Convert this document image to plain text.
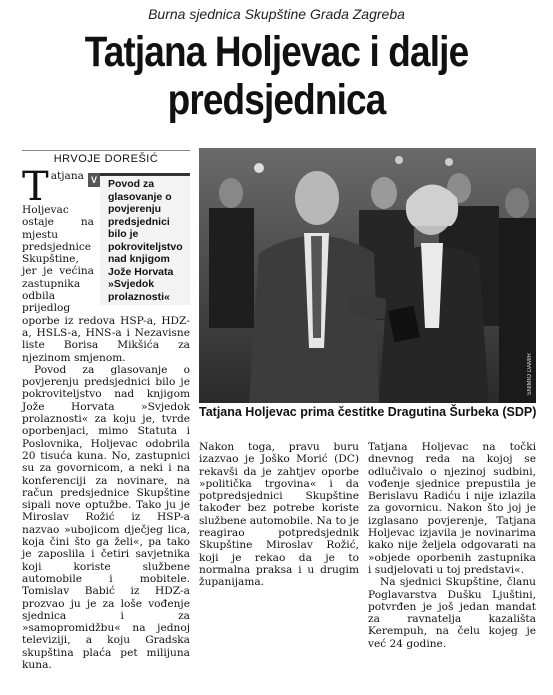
Burna sjednica Skupštine Grada Zagreba
Tatjana Holjevac i dalje
predsjednica
HRVOJE DOREŠIĆ
SNIMIO DAMIR
Tatjana Holjevac prima čestitke Dragutina Šurbeka (SDP)
T	V Povod za glasovanje o povjerenju predsjednici bilo je pokroviteljstvo nad knjigom Jože Horvata »Svjedok prolaznosti«

atjana Holjevac ostaje na mjestu predsjednice Skupštine, jer je većina zastupnika odbila prijedlog oporbe iz redova HSP-a, HDZ-a, HSLS-a, HNS-a i Nezavisne liste Borisa Mikšića za njezinom smjenom.

Povod za glasovanje o povjerenju predsjednici bilo je pokroviteljstvo nad knjigom Jože Horvata »Svjedok prolaznosti« za koju je, tvrde oporbenjaci, mimo Statuta i Poslovnika, Holjevac odobrila 20 tisuća kuna. No, zastupnici su za govornicom, a neki i na konferenciji za novinare, na račun predsjednice Skupštine sipali nove optužbe. Tako ju je Miroslav Rožić iz HSP-a nazvao »ubojicom dječjeg lica, koja čini što ga želi«, pa tako je zaposlila i četiri savjetnika koji koriste službene automobile i mobitele. Tomislav Babić iz HDZ-a prozvao ju je za loše vođenje sjednica i za »samopromidžbu« na jednoj televiziji, a koju Gradska skupština plaća pet milijuna kuna.

Nakon toga, pravu buru izazvao je Joško Morić (DC) rekavši da je zahtjev oporbe »politička trgovina« i da potpredsjednici Skupštine također bez potrebe koriste službene automobile. Na to je reagirao potpredsjednik Skupštine Miroslav Rožić, koji je rekao da je to normalna praksa i u drugim županijama.

Tatjana Holjevac na točki dnevnog reda na kojoj se odlučivalo o njezinoj sudbini, vođenje sjednice prepustila je Berislavu Radiću i nije izlazila za govornicu. Nakon što joj je izglasano povjerenje, Tatjana Holjevac izjavila je novinarima kako nije željela odgovarati na »objede oporbenih zastupnika i sudjelovati u toj predstavi«.

Na sjednici Skupštine, članu Poglavarstva Dušku Ljuštini, potvrđen je još jedan mandat za ravnatelja kazališta Kerempuh, na čelu kojeg je već 24 godine.
